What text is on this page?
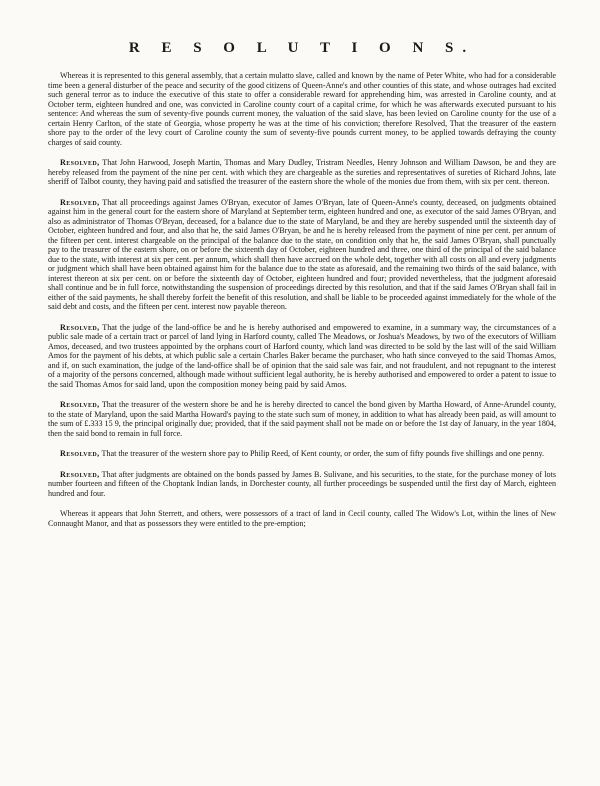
R E S O L U T I O N S.

Whereas it is represented to this general assembly, that a certain mulatto slave, called and known by the name of Peter White, who had for a considerable time been a general disturber of the peace and security of the good citizens of Queen-Anne's and other counties of this state, and whose outrages had excited such general terror as to induce the executive of this state to offer a considerable reward for apprehending him, was arrested in Caroline county, and at October term, eighteen hundred and one, was convicted in Caroline county court of a capital crime, for which he was afterwards executed pursuant to his sentence: And whereas the sum of seventy-five pounds current money, the valuation of the said slave, has been levied on Caroline county for the use of a certain Henry Carlton, of the state of Georgia, whose property he was at the time of his conviction; therefore Resolved, That the treasurer of the eastern shore pay to the order of the levy court of Caroline county the sum of seventy-five pounds current money, to be applied towards defraying the county charges of said county.

Resolved, That John Harwood, Joseph Martin, Thomas and Mary Dudley, Tristram Needles, Henry Johnson and William Dawson, be and they are hereby released from the payment of the nine per cent. with which they are chargeable as the sureties and representatives of sureties of Richard Johns, late sheriff of Talbot county, they having paid and satisfied the treasurer of the eastern shore the whole of the monies due from them, with six per cent. thereon.

Resolved, That all proceedings against James O'Bryan, executor of James O'Bryan, late of Queen-Anne's county, deceased, on judgments obtained against him in the general court for the eastern shore of Maryland at September term, eighteen hundred and one, as executor of the said James O'Bryan, and also as administrator of Thomas O'Bryan, deceased, for a balance due to the state of Maryland, be and they are hereby suspended until the sixteenth day of October, eighteen hundred and four, and also that he, the said James O'Bryan, be and he is hereby released from the payment of nine per cent. per annum of the fifteen per cent. interest chargeable on the principal of the balance due to the state, on condition only that he, the said James O'Bryan, shall punctually pay to the treasurer of the eastern shore, on or before the sixteenth day of October, eighteen hundred and three, one third of the principal of the said balance due to the state, with interest at six per cent. per annum, which shall then have accrued on the whole debt, together with all costs on all and every judgments or judgment which shall have been obtained against him for the balance due to the state as aforesaid, and the remaining two thirds of the said balance, with interest thereon at six per cent. on or before the sixteenth day of October, eighteen hundred and four; provided nevertheless, that the judgment aforesaid shall continue and be in full force, notwithstanding the suspension of proceedings directed by this resolution, and that if the said James O'Bryan shall fail in either of the said payments, he shall thereby forfeit the benefit of this resolution, and shall be liable to be proceeded against immediately for the whole of the said debt and costs, and the fifteen per cent. interest now payable thereon.

Resolved, That the judge of the land-office be and he is hereby authorised and empowered to examine, in a summary way, the circumstances of a public sale made of a certain tract or parcel of land lying in Harford county, called The Meadows, or Joshua's Meadows, by two of the executors of William Amos, deceased, and two trustees appointed by the orphans court of Harford county, which land was directed to be sold by the last will of the said William Amos for the payment of his debts, at which public sale a certain Charles Baker became the purchaser, who hath since conveyed to the said Thomas Amos, and if, on such examination, the judge of the land-office shall be of opinion that the said sale was fair, and not fraudulent, and not repugnant to the interest of a majority of the persons concerned, although made without sufficient legal authority, he is hereby authorised and empowered to order a patent to issue to the said Thomas Amos for said land, upon the composition money being paid by said Amos.

Resolved, That the treasurer of the western shore be and he is hereby directed to cancel the bond given by Martha Howard, of Anne-Arundel county, to the state of Maryland, upon the said Martha Howard's paying to the state such sum of money, in addition to what has already been paid, as will amount to the sum of £.333 15 9, the principal originally due; provided, that if the said payment shall not be made on or before the 1st day of January, in the year 1804, then the said bond to remain in full force.

Resolved, That the treasurer of the western shore pay to Philip Reed, of Kent county, or order, the sum of fifty pounds five shillings and one penny.

Resolved, That after judgments are obtained on the bonds passed by James B. Sulivane, and his securities, to the state, for the purchase money of lots number fourteen and fifteen of the Choptank Indian lands, in Dorchester county, all further proceedings be suspended until the first day of March, eighteen hundred and four.

Whereas it appears that John Sterrett, and others, were possessors of a tract of land in Cecil county, called The Widow's Lot, within the lines of New Connaught Manor, and that as possessors they were entitled to the pre-emption;
